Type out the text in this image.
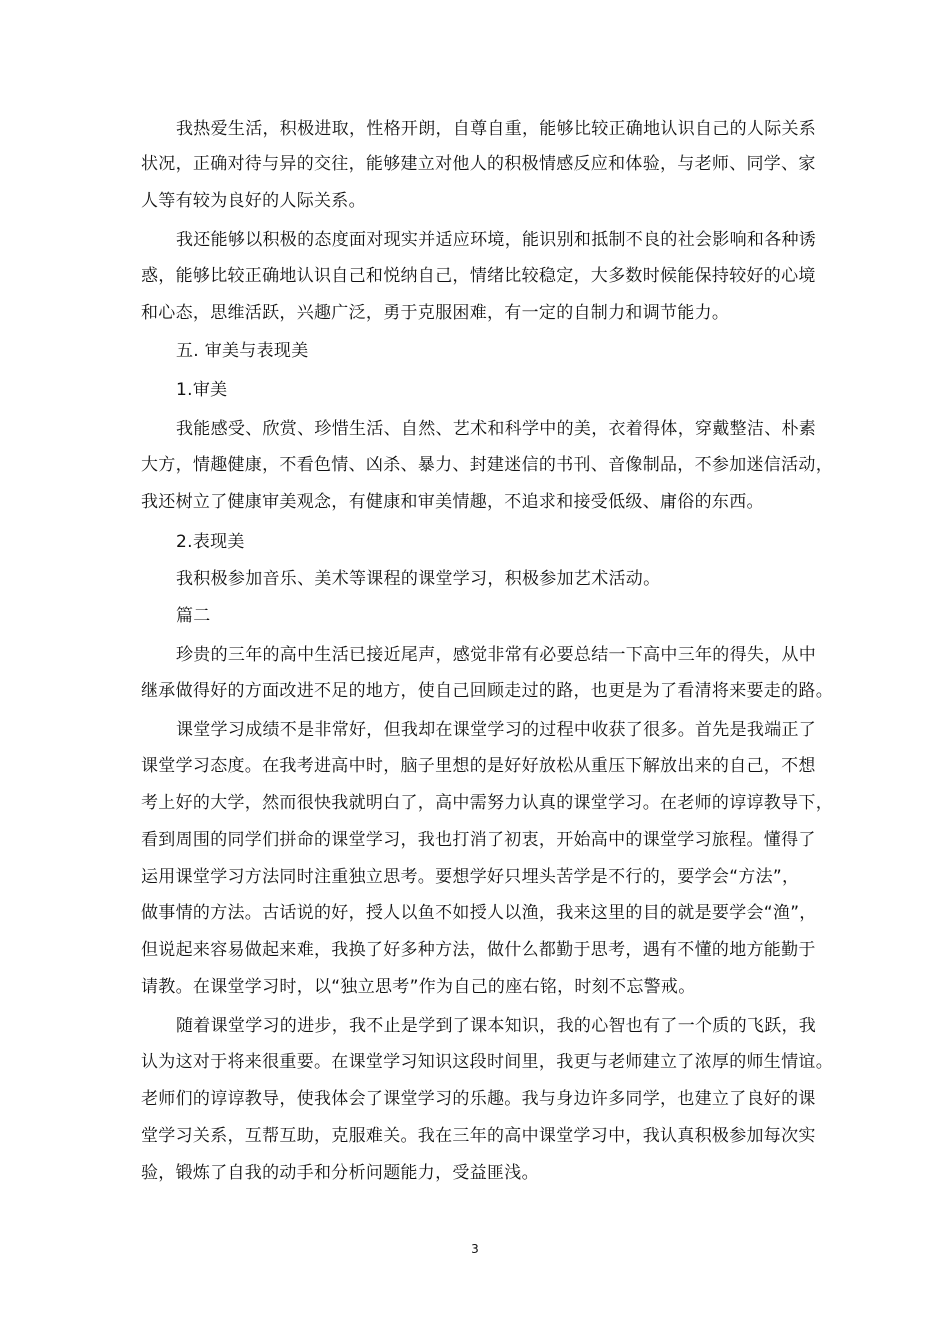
我热爱生活，积极进取，性格开朗，自尊自重，能够比较正确地认识自己的人际关系
状况，正确对待与异的交往，能够建立对他人的积极情感反应和体验，与老师、同学、家
人等有较为良好的人际关系。
我还能够以积极的态度面对现实并适应环境，能识别和抵制不良的社会影响和各种诱
惑，能够比较正确地认识自己和悦纳自己，情绪比较稳定，大多数时候能保持较好的心境
和心态，思维活跃，兴趣广泛，勇于克服困难，有一定的自制力和调节能力。
五. 审美与表现美
1.审美
我能感受、欣赏、珍惜生活、自然、艺术和科学中的美，衣着得体，穿戴整洁、朴素
大方，情趣健康，不看色情、凶杀、暴力、封建迷信的书刊、音像制品，不参加迷信活动，
我还树立了健康审美观念，有健康和审美情趣，不追求和接受低级、庸俗的东西。
2.表现美
我积极参加音乐、美术等课程的课堂学习，积极参加艺术活动。
篇二
珍贵的三年的高中生活已接近尾声，感觉非常有必要总结一下高中三年的得失，从中
继承做得好的方面改进不足的地方，使自己回顾走过的路，也更是为了看清将来要走的路。
课堂学习成绩不是非常好，但我却在课堂学习的过程中收获了很多。首先是我端正了
课堂学习态度。在我考进高中时，脑子里想的是好好放松从重压下解放出来的自己，不想
考上好的大学，然而很快我就明白了，高中需努力认真的课堂学习。在老师的谆谆教导下，
看到周围的同学们拼命的课堂学习，我也打消了初衷，开始高中的课堂学习旅程。懂得了
运用课堂学习方法同时注重独立思考。要想学好只埋头苦学是不行的，要学会“方法”，
做事情的方法。古话说的好，授人以鱼不如授人以渔，我来这里的目的就是要学会“渔”，
但说起来容易做起来难，我换了好多种方法，做什么都勤于思考，遇有不懂的地方能勤于
请教。在课堂学习时，以“独立思考”作为自己的座右铭，时刻不忘警戒。
随着课堂学习的进步，我不止是学到了课本知识，我的心智也有了一个质的飞跃，我
认为这对于将来很重要。在课堂学习知识这段时间里，我更与老师建立了浓厚的师生情谊。
老师们的谆谆教导，使我体会了课堂学习的乐趣。我与身边许多同学，也建立了良好的课
堂学习关系，互帮互助，克服难关。我在三年的高中课堂学习中，我认真积极参加每次实
验，锻炼了自我的动手和分析问题能力，受益匪浅。
3
